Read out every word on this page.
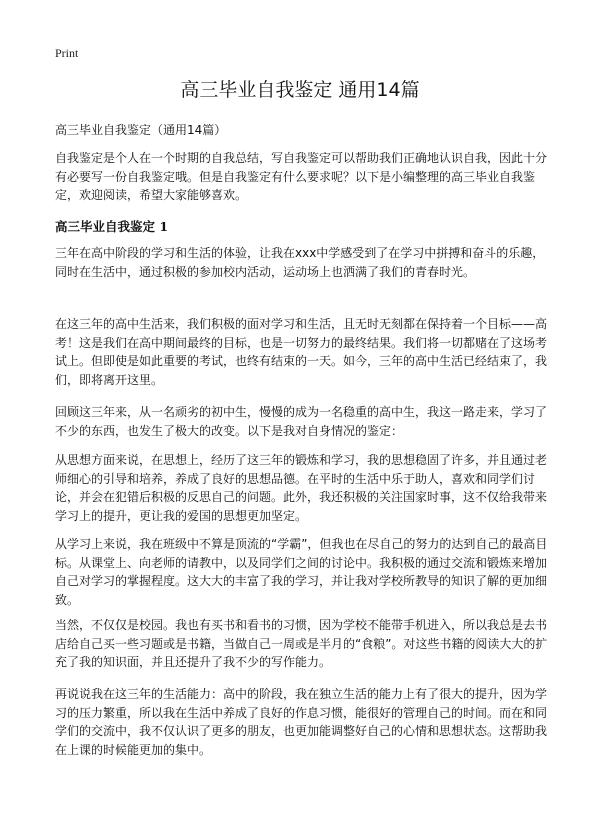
Print
高三毕业自我鉴定 通用14篇
高三毕业自我鉴定（通用14篇）

自我鉴定是个人在一个时期的自我总结，写自我鉴定可以帮助我们正确地认识自我，因此十分有必要写一份自我鉴定哦。但是自我鉴定有什么要求呢？以下是小编整理的高三毕业自我鉴定，欢迎阅读，希望大家能够喜欢。

高三毕业自我鉴定 1

三年在高中阶段的学习和生活的体验，让我在xxx中学感受到了在学习中拼搏和奋斗的乐趣，同时在生活中，通过积极的参加校内活动，运动场上也洒满了我们的青春时光。

在这三年的高中生活来，我们积极的面对学习和生活，且无时无刻都在保持着一个目标——高考！这是我们在高中期间最终的目标，也是一切努力的最终结果。我们将一切都赌在了这场考试上。但即使是如此重要的考试，也终有结束的一天。如今，三年的高中生活已经结束了，我们，即将离开这里。

回顾这三年来，从一名顽劣的初中生，慢慢的成为一名稳重的高中生，我这一路走来，学习了不少的东西，也发生了极大的改变。以下是我对自身情况的鉴定：

从思想方面来说，在思想上，经历了这三年的锻炼和学习，我的思想稳固了许多，并且通过老师细心的引导和培养，养成了良好的思想品德。在平时的生活中乐于助人，喜欢和同学们讨论，并会在犯错后积极的反思自己的问题。此外，我还积极的关注国家时事，这不仅给我带来学习上的提升，更让我的爱国的思想更加坚定。

从学习上来说，我在班级中不算是顶流的“学霸”，但我也在尽自己的努力的达到自己的最高目标。从课堂上、向老师的请教中，以及同学们之间的讨论中。我积极的通过交流和锻炼来增加自己对学习的掌握程度。这大大的丰富了我的学习，并让我对学校所教导的知识了解的更加细致。

当然，不仅仅是校园。我也有买书和看书的习惯，因为学校不能带手机进入，所以我总是去书店给自己买一些习题或是书籍，当做自己一周或是半月的“食粮”。对这些书籍的阅读大大的扩充了我的知识面，并且还提升了我不少的写作能力。

再说说我在这三年的生活能力：高中的阶段，我在独立生活的能力上有了很大的提升，因为学习的压力繁重，所以我在生活中养成了良好的作息习惯，能很好的管理自己的时间。而在和同学们的交流中，我不仅认识了更多的朋友，也更加能调整好自己的心情和思想状态。这帮助我在上课的时候能更加的集中。
